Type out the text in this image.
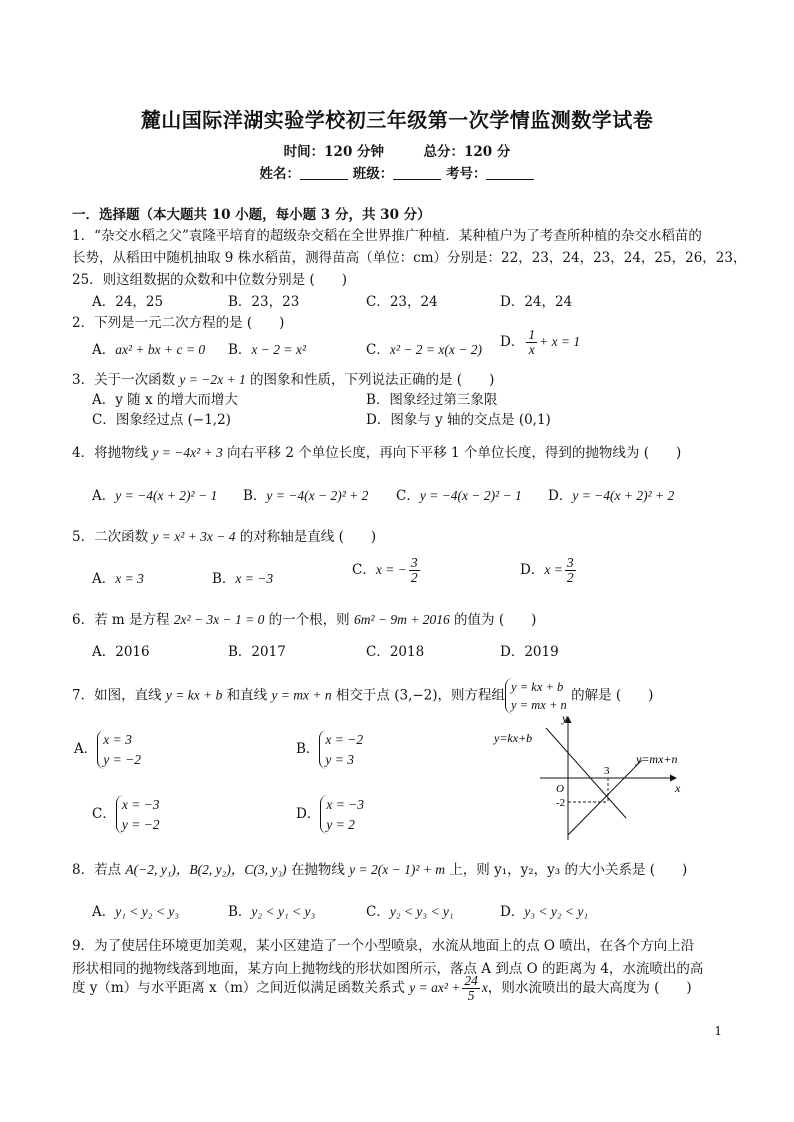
麓山国际洋湖实验学校初三年级第一次学情监测数学试卷
时间：120 分钟	总分：120 分
姓名：	班级：	考号：
一．选择题（本大题共 10 小题，每小题 3 分，共 30 分）
1．“杂交水稻之父”袁隆平培育的超级杂交稻在全世界推广种植．某种植户为了考查所种植的杂交水稻苗的
长势，从稻田中随机抽取 9 株水稻苗，测得苗高（单位：cm）分别是：22，23，24，23，24，25，26，23，
25．则这组数据的众数和中位数分别是 (　　)
A．24，25	B．23，23	C．23，24	D．24，24
2．下列是一元二次方程的是 (　　)
A．ax² + bx + c = 0 B．x − 2 = x²	C．x² − 2 = x(x − 2) D． $\frac{1}{x} + x = 1$
3．关于一次函数 y = −2x + 1 的图象和性质，下列说法正确的是 (　　)
A．y 随 x 的增大而增大	B．图象经过第三象限
C．图象经过点 (−1,2)	D．图象与 y 轴的交点是 (0,1)
4．将抛物线 y = −4x² + 3 向右平移 2 个单位长度，再向下平移 1 个单位长度，得到的抛物线为 (　　)
A．y = −4(x + 2)² − 1 B．y = −4(x − 2)² + 2 C．y = −4(x − 2)² − 1 D．y = −4(x + 2)² + 2
5．二次函数 y = x² + 3x − 4 的对称轴是直线 (　　)
A．x = 3	B．x = −3
C．x = − $\frac{3}{2}$	D．$x = \frac{3}{2}$
6．若 m 是方程 2x² − 3x − 1 = 0 的一个根，则 6m² − 9m + 2016 的值为 (　　)
A．2016	B．2017	C．2018	D．2019
7．如图，直线 y = kx + b 和直线 y = mx + n 相交于点 (3,−2)，则方程组
y = kx + b
y = mx + n
的解是 (　　)
A．
x = 3
y = −2
B．
x = −2
y = 3
C．
x = −3
y = −2
D．
x = −3
y = 2
y
x
O
y=kx+b
y=mx+n
3
-2
8．若点 A(−2, y₁)，B(2, y₂)，C(3, y₃) 在抛物线 y = 2(x − 1)² + m 上，则 y₁，y₂，y₃ 的大小关系是 (　　)
A．y₁ < y₂ < y₃	B．y₂ < y₁ < y₃	C．y₂ < y₃ < y₁	D．y₃ < y₂ < y₁
9．为了使居住环境更加美观，某小区建造了一个小型喷泉，水流从地面上的点 O 喷出，在各个方向上沿
形状相同的抛物线落到地面，某方向上抛物线的形状如图所示，落点 A 到点 O 的距离为 4，水流喷出的高
度 y（m）与水平距离 x（m）之间近似满足函数关系式 $y = ax^2 + \frac{24}{5}$ x，则水流喷出的最大高度为 (　　)
1
